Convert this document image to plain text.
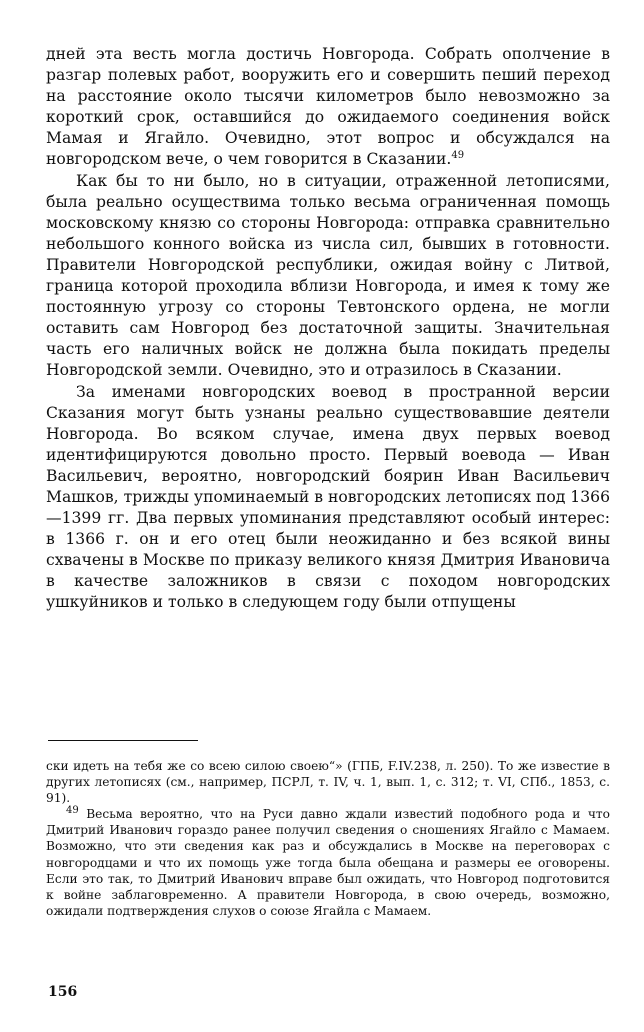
дней эта весть могла достичь Новгорода. Собрать ополчение в разгар полевых работ, вооружить его и совершить пеший переход на расстояние около тысячи километров было невозможно за короткий срок, оставшийся до ожидаемого соединения войск Мамая и Ягайло. Очевидно, этот вопрос и обсуждался на новгородском вече, о чем говорится в Сказании.$^{49}$

Как бы то ни было, но в ситуации, отраженной летописями, была реально осуществима только весьма ограниченная помощь московскому князю со стороны Новгорода: отправка сравнительно небольшого конного войска из числа сил, бывших в готовности. Правители Новгородской республики, ожидая войну с Литвой, граница которой проходила вблизи Новгорода, и имея к тому же постоянную угрозу со стороны Тевтонского ордена, не могли оставить сам Новгород без достаточной защиты. Значительная часть его наличных войск не должна была покидать пределы Новгородской земли. Очевидно, это и отразилось в Сказании.

За именами новгородских воевод в пространной версии Сказания могут быть узнаны реально существовавшие деятели Новгорода. Во всяком случае, имена двух первых воевод идентифицируются довольно просто. Первый воевода — Иван Васильевич, вероятно, новгородский боярин Иван Васильевич Машков, трижды упоминаемый в новгородских летописях под 1366—1399 гг. Два первых упоминания представляют особый интерес: в 1366 г. он и его отец были неожиданно и без всякой вины схвачены в Москве по приказу великого князя Дмитрия Ивановича в качестве заложников в связи с походом новгородских ушкуйников и только в следующем году были отпущены

ски идеть на тебя же со всею силою своею“» (ГПБ, F.IV.238, л. 250). То же известие в других летописях (см., например, ПСРЛ, т. IV, ч. 1, вып. 1, с. 312; т. VI, СПб., 1853, с. 91).

$^{49}$ Весьма вероятно, что на Руси давно ждали известий подобного рода и что Дмитрий Иванович гораздо ранее получил сведения о сношениях Ягайло с Мамаем. Возможно, что эти сведения как раз и обсуждались в Москве на переговорах с новгородцами и что их помощь уже тогда была обещана и размеры ее оговорены. Если это так, то Дмитрий Иванович вправе был ожидать, что Новгород подготовится к войне заблаговременно. А правители Новгорода, в свою очередь, возможно, ожидали подтверждения слухов о союзе Ягайла с Мамаем.

156
